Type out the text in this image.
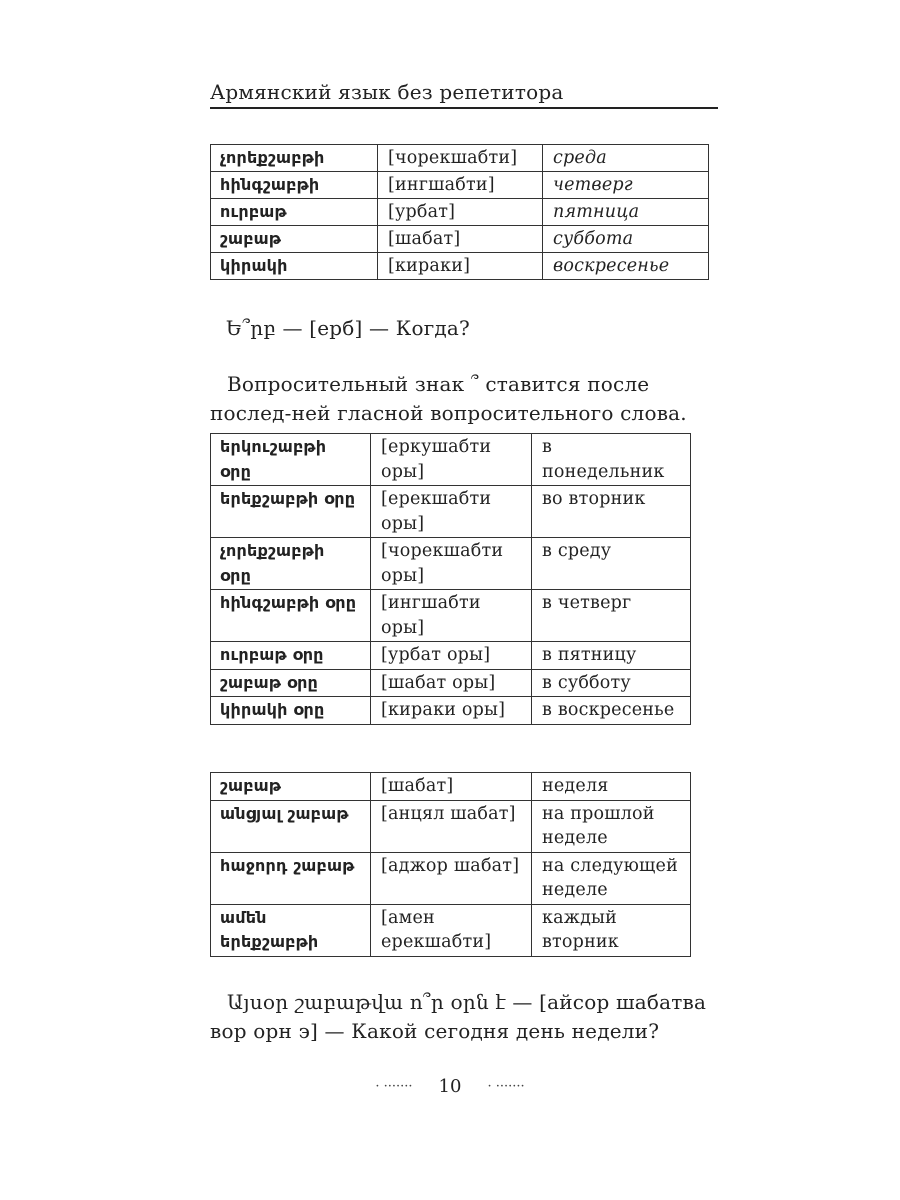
Армянский язык без репетитора
չորեքշաբթի	[чорекшабти]	среда
հինգշաբթի	[ингшабти]	четверг
ուրբաթ	[урбат]	пятница
շաբաթ	[шабат]	суббота
կիրակի	[кираки]	воскресенье
Ե՞րբ — [ерб] — Когда?
Вопросительный знак ՞ ставится после послед-ней гласной вопросительного слова.
երկուշաբթի օրը	[еркушабти оры]	в понедельник
երեքշաբթի օրը	[ерекшабти оры]	во вторник
չորեքշաբթի օրը	[чорекшабти оры]	в среду
հինգշաբթի օրը	[ингшабти оры]	в четверг
ուրբաթ օրը	[урбат оры]	в пятницу
շաբաթ օրը	[шабат оры]	в субботу
կիրակի օրը	[кираки оры]	в воскресенье
շաբաթ	[шабат]	неделя
անցյալ շաբաթ	[анцял шабат]	на прошлой неделе
հաջորդ շաբաթ	[аджор шабат]	на следующей неделе
ամեն երեքշաբթի	[амен ерекшабти]	каждый вторник
Այսօր շաբաթվա ո՞ր օրն է — [айсор шабатва вор орн э] — Какой сегодня день недели?
· ······· 10 · ·······
